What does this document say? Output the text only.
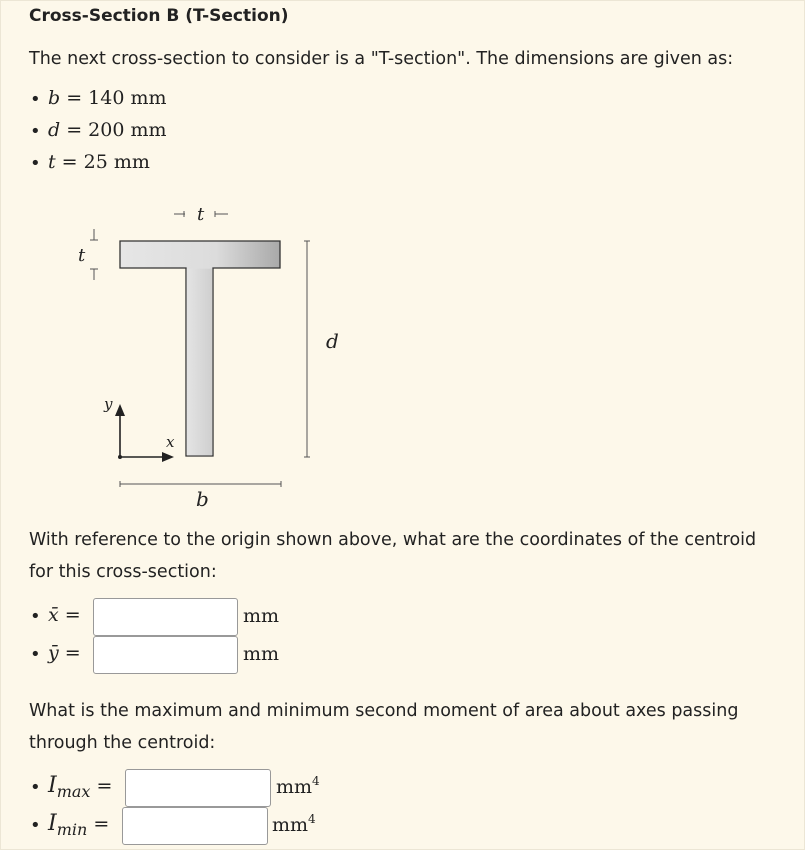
Cross-Section B (T-Section)
The next cross-section to consider is a "T-section". The dimensions are given as:
• b = 140 mm
• d = 200 mm
• t = 25 mm
t
t
d
b
y
x
With reference to the origin shown above, what are the coordinates of the centroid for this cross-section:
• x̄ =	mm
• ȳ =	mm
What is the maximum and minimum second moment of area about axes passing through the centroid:
• $I_{max}$ =	$mm^4$
• $I_{min}$ =	$mm^4$
